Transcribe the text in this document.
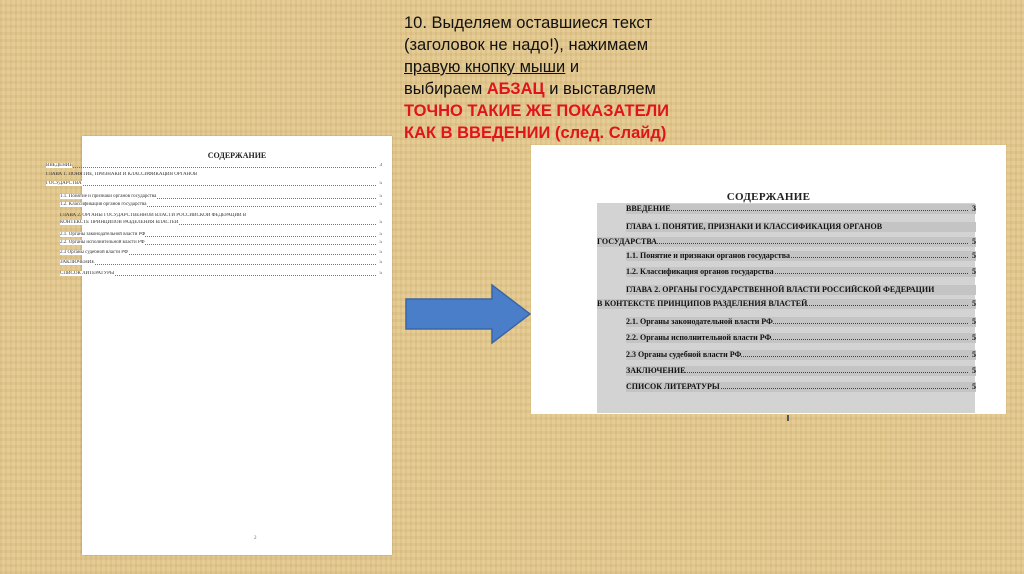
10. Выделяем оставшиеся текст
(заголовок не надо!), нажимаем
правую кнопку мыши и
выбираем АБЗАЦ и выставляем
ТОЧНО ТАКИЕ ЖЕ ПОКАЗАТЕЛИ
КАК В ВВЕДЕНИИ (след. Слайд)
СОДЕРЖАНИЕ
ВВЕДЕНИЕ	3
ГЛАВА 1. ПОНЯТИЕ, ПРИЗНАКИ И КЛАССИФИКАЦИЯ ОРГАНОВ
ГОСУДАРСТВА	5
1.1. Понятие и признаки органов государства	5
1.2. Классификация органов государства	5
ГЛАВА 2. ОРГАНЫ ГОСУДАРСТВЕННОЙ ВЛАСТИ РОССИЙСКОЙ ФЕДЕРАЦИИ В
КОНТЕКСТЕ ПРИНЦИПОВ РАЗДЕЛЕНИЯ ВЛАСТЕЙ	5
2.1. Органы законодательной власти РФ	5
2.2. Органы исполнительной власти РФ	5
2.3 Органы судебной власти РФ	5
ЗАКЛЮЧЕНИЕ	5
СПИСОК ЛИТЕРАТУРЫ	5
2
СОДЕРЖАНИЕ
ВВЕДЕНИЕ	3
ГЛАВА 1. ПОНЯТИЕ, ПРИЗНАКИ И КЛАССИФИКАЦИЯ ОРГАНОВ
ГОСУДАРСТВА	5
1.1. Понятие и признаки органов государства	5
1.2. Классификация органов государства	5
ГЛАВА 2. ОРГАНЫ ГОСУДАРСТВЕННОЙ ВЛАСТИ РОССИЙСКОЙ ФЕДЕРАЦИИ
В КОНТЕКСТЕ ПРИНЦИПОВ РАЗДЕЛЕНИЯ ВЛАСТЕЙ	5
2.1. Органы законодательной власти РФ	5
2.2. Органы исполнительной власти РФ	5
2.3 Органы судебной власти РФ	5
ЗАКЛЮЧЕНИЕ	5
СПИСОК ЛИТЕРАТУРЫ	5
